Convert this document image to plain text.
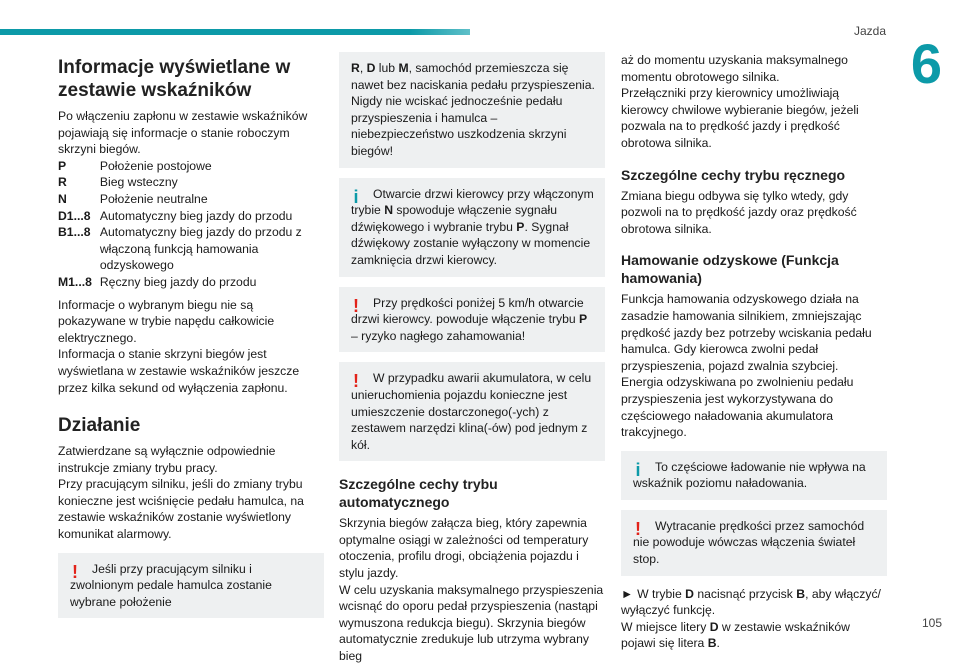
Jazda
6
105
Informacje wyświetlane w zestawie wskaźników

Po włączeniu zapłonu w zestawie wskaźników pojawiają się informacje o stanie roboczym skrzyni biegów.

P	Położenie postojowe
R	Bieg wsteczny
N	Położenie neutralne
D1...8	Automatyczny bieg jazdy do przodu
B1...8	Automatyczny bieg jazdy do przodu z włączoną funkcją hamowania odzyskowego
M1...8	Ręczny bieg jazdy do przodu

Informacje o wybranym biegu nie są pokazywane w trybie napędu całkowicie elektrycznego.

Informacja o stanie skrzyni biegów jest wyświetlana w zestawie wskaźników jeszcze przez kilka sekund od wyłączenia zapłonu.

Działanie

Zatwierdzane są wyłącznie odpowiednie instrukcje zmiany trybu pracy.

Przy pracującym silniku, jeśli do zmiany trybu konieczne jest wciśnięcie pedału hamulca, na zestawie wskaźników zostanie wyświetlony komunikat alarmowy.

!	Jeśli przy pracującym silniku i zwolnionym pedale hamulca zostanie wybrane położenie

R, D lub M, samochód przemieszcza się nawet bez naciskania pedału przyspieszenia.

Nigdy nie wciskać jednocześnie pedału przyspieszenia i hamulca – niebezpieczeństwo uszkodzenia skrzyni biegów!

i	Otwarcie drzwi kierowcy przy włączonym trybie N spowoduje włączenie sygnału dźwiękowego i wybranie trybu P. Sygnał dźwiękowy zostanie wyłączony w momencie zamknięcia drzwi kierowcy.

!	Przy prędkości poniżej 5 km/h otwarcie drzwi kierowcy. powoduje włączenie trybu P – ryzyko nagłego zahamowania!

!	W przypadku awarii akumulatora, w celu unieruchomienia pojazdu konieczne jest umieszczenie dostarczonego(-ych) z zestawem narzędzi klina(-ów) pod jednym z kół.

Szczególne cechy trybu automatycznego

Skrzynia biegów załącza bieg, który zapewnia optymalne osiągi w zależności od temperatury otoczenia, profilu drogi, obciążenia pojazdu i stylu jazdy.

W celu uzyskania maksymalnego przyspieszenia wcisnąć do oporu pedał przyspieszenia (nastąpi wymuszona redukcja biegu). Skrzynia biegów automatycznie zredukuje lub utrzyma wybrany bieg

aż do momentu uzyskania maksymalnego momentu obrotowego silnika.

Przełączniki przy kierownicy umożliwiają kierowcy chwilowe wybieranie biegów, jeżeli pozwala na to prędkość jazdy i prędkość obrotowa silnika.

Szczególne cechy trybu ręcznego

Zmiana biegu odbywa się tylko wtedy, gdy pozwoli na to prędkość jazdy oraz prędkość obrotowa silnika.

Hamowanie odzyskowe (Funkcja hamowania)

Funkcja hamowania odzyskowego działa na zasadzie hamowania silnikiem, zmniejszając prędkość jazdy bez potrzeby wciskania pedału hamulca. Gdy kierowca zwolni pedał przyspieszenia, pojazd zwalnia szybciej.

Energia odzyskiwana po zwolnieniu pedału przyspieszenia jest wykorzystywana do częściowego naładowania akumulatora trakcyjnego.

i	To częściowe ładowanie nie wpływa na wskaźnik poziomu naładowania.

!	Wytracanie prędkości przez samochód nie powoduje wówczas włączenia świateł stop.

► W trybie D nacisnąć przycisk B, aby włączyć/ wyłączyć funkcję.

W miejsce litery D w zestawie wskaźników pojawi się litera B.
